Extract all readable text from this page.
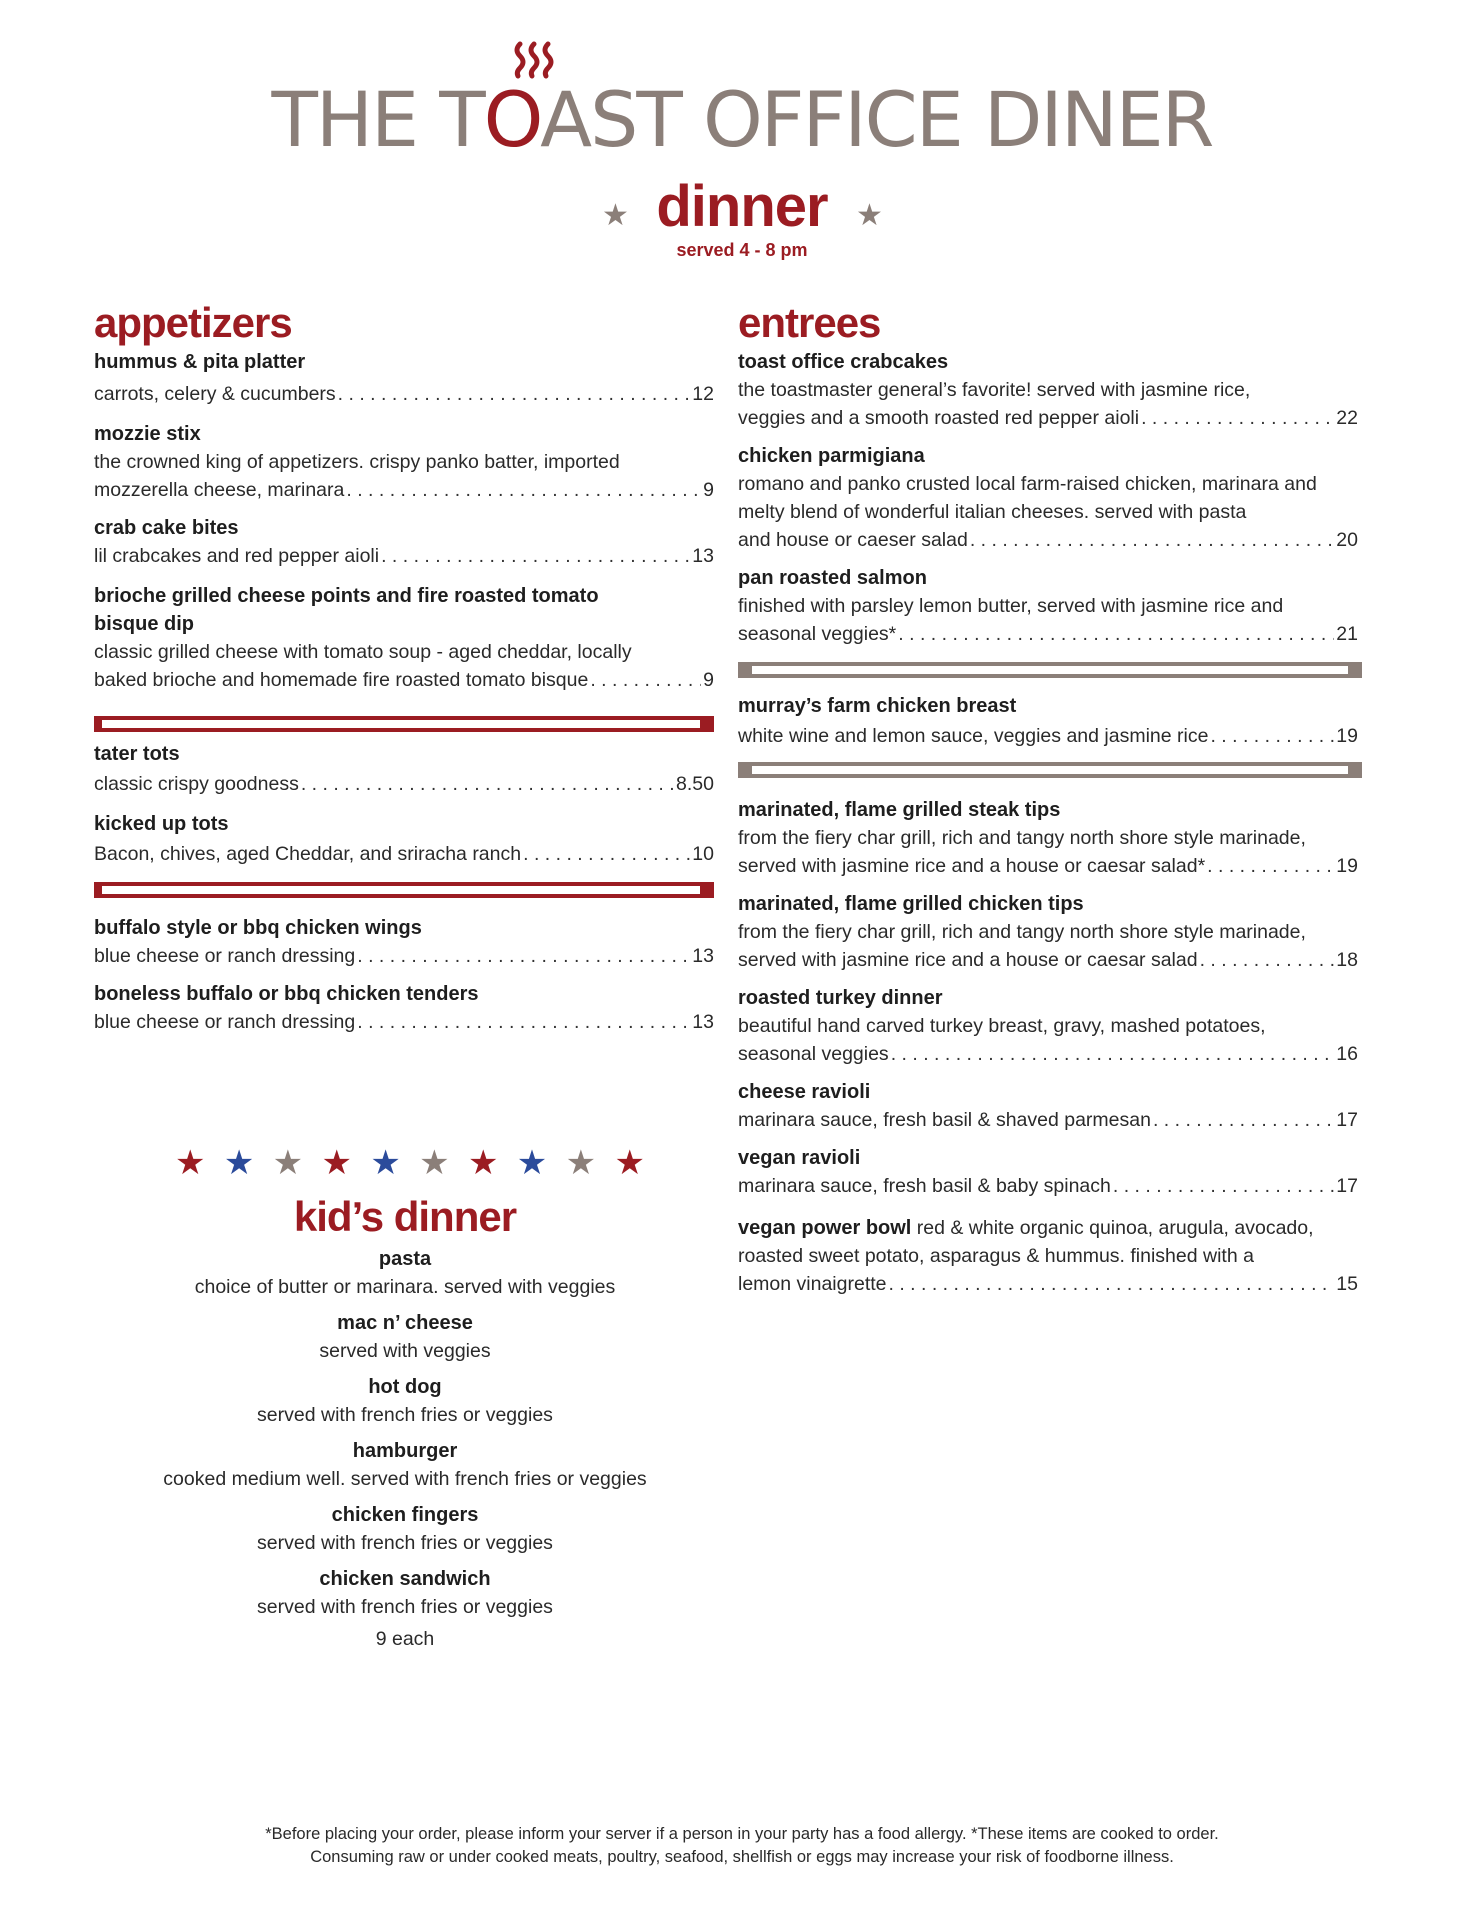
THE TOAST OFFICE DINER
★ dinner ★
served 4 - 8 pm
appetizers
hummus & pita platter
carrots, celery & cucumbers . . .	12
mozzie stix
the crowned king of appetizers. crispy panko batter, imported
mozzerella cheese, marinara . . .	9
crab cake bites
lil crabcakes and red pepper aioli . . .	13
brioche grilled cheese points and fire roasted tomato bisque dip
classic grilled cheese with tomato soup - aged cheddar, locally
baked brioche and homemade fire roasted tomato bisque . . .	9
tater tots
classic crispy goodness . . .	8.50
kicked up tots
Bacon, chives, aged Cheddar, and sriracha ranch . . .	10
buffalo style or bbq chicken wings
blue cheese or ranch dressing . . .	13
boneless buffalo or bbq chicken tenders
blue cheese or ranch dressing . . .	13
entrees
toast office crabcakes
the toastmaster general’s favorite! served with jasmine rice,
veggies and a smooth roasted red pepper aioli . . .	22
chicken parmigiana
romano and panko crusted local farm-raised chicken, marinara and melty blend of wonderful italian cheeses. served with pasta
and house or caeser salad . . .	20
pan roasted salmon
finished with parsley lemon butter, served with jasmine rice and
seasonal veggies* . . .	21
murray’s farm chicken breast
white wine and lemon sauce, veggies and jasmine rice . . .	19
marinated, flame grilled steak tips
from the fiery char grill, rich and tangy north shore style marinade,
served with jasmine rice and a house or caesar salad* . . .	19
marinated, flame grilled chicken tips
from the fiery char grill, rich and tangy north shore style marinade,
served with jasmine rice and a house or caesar salad . . .	18
roasted turkey dinner
beautiful hand carved turkey breast, gravy, mashed potatoes,
seasonal veggies . . .	16
cheese ravioli
marinara sauce, fresh basil & shaved parmesan . . .	17
vegan ravioli
marinara sauce, fresh basil & baby spinach . . .	17
vegan power bowl red & white organic quinoa, arugula, avocado,
roasted sweet potato, asparagus & hummus. finished with a
lemon vinaigrette . . .	15
★ ★ ★ ★ ★ ★ ★ ★ ★ ★
kid’s dinner
pasta
choice of butter or marinara. served with veggies
mac n’ cheese
served with veggies
hot dog
served with french fries or veggies
hamburger
cooked medium well. served with french fries or veggies
chicken fingers
served with french fries or veggies
chicken sandwich
served with french fries or veggies
9 each
*Before placing your order, please inform your server if a person in your party has a food allergy. *These items are cooked to order.
Consuming raw or under cooked meats, poultry, seafood, shellfish or eggs may increase your risk of foodborne illness.
